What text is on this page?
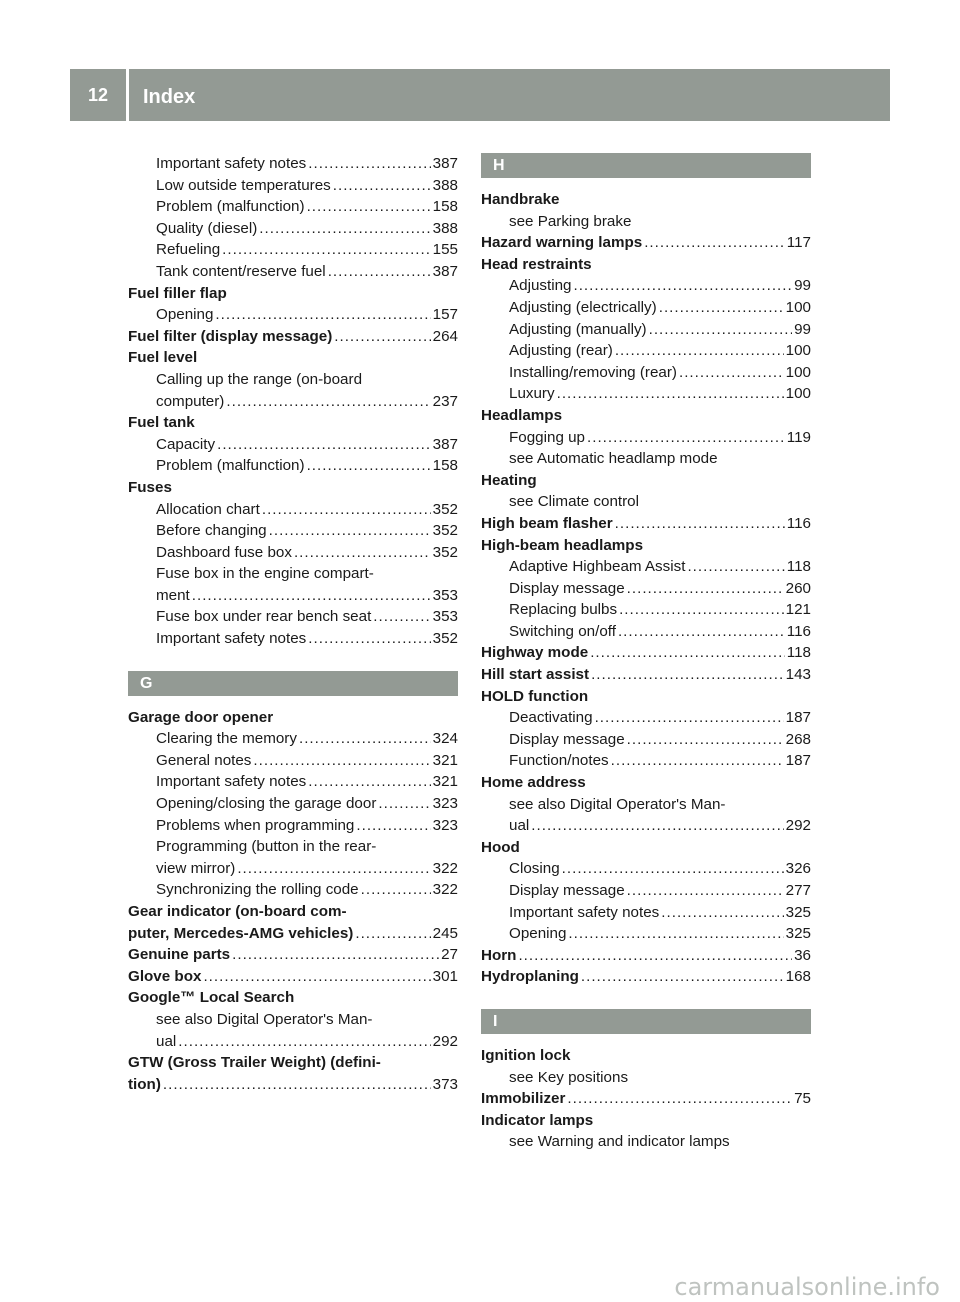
12	Index
Important safety notes .....	387
Low outside temperatures .....	388
Problem (malfunction) .....	158
Quality (diesel) .....	388
Refueling .....	155
Tank content/reserve fuel .....	387
Fuel filler flap
Opening .....	157
Fuel filter (display message) .....	264
Fuel level
Calling up the range (on-board
computer) .....	237
Fuel tank
Capacity .....	387
Problem (malfunction) .....	158
Fuses
Allocation chart .....	352
Before changing .....	352
Dashboard fuse box .....	352
Fuse box in the engine compart-
ment .....	353
Fuse box under rear bench seat .....	353
Important safety notes .....	352
G
Garage door opener
Clearing the memory .....	324
General notes .....	321
Important safety notes .....	321
Opening/closing the garage door .....	323
Problems when programming .....	323
Programming (button in the rear-
view mirror) .....	322
Synchronizing the rolling code .....	322
Gear indicator (on-board com-
puter, Mercedes-AMG vehicles) .....	245
Genuine parts .....	27
Glove box .....	301
Google™ Local Search
see also Digital Operator's Man-
ual .....	292
GTW (Gross Trailer Weight) (defini-
tion) .....	373
H
Handbrake
see Parking brake
Hazard warning lamps .....	117
Head restraints
Adjusting .....	99
Adjusting (electrically) .....	100
Adjusting (manually) .....	99
Adjusting (rear) .....	100
Installing/removing (rear) .....	100
Luxury .....	100
Headlamps
Fogging up .....	119
see Automatic headlamp mode
Heating
see Climate control
High beam flasher .....	116
High-beam headlamps
Adaptive Highbeam Assist .....	118
Display message .....	260
Replacing bulbs .....	121
Switching on/off .....	116
Highway mode .....	118
Hill start assist .....	143
HOLD function
Deactivating .....	187
Display message .....	268
Function/notes .....	187
Home address
see also Digital Operator's Man-
ual .....	292
Hood
Closing .....	326
Display message .....	277
Important safety notes .....	325
Opening .....	325
Horn .....	36
Hydroplaning .....	168
I
Ignition lock
see Key positions
Immobilizer .....	75
Indicator lamps
see Warning and indicator lamps
carmanualsonline.info
